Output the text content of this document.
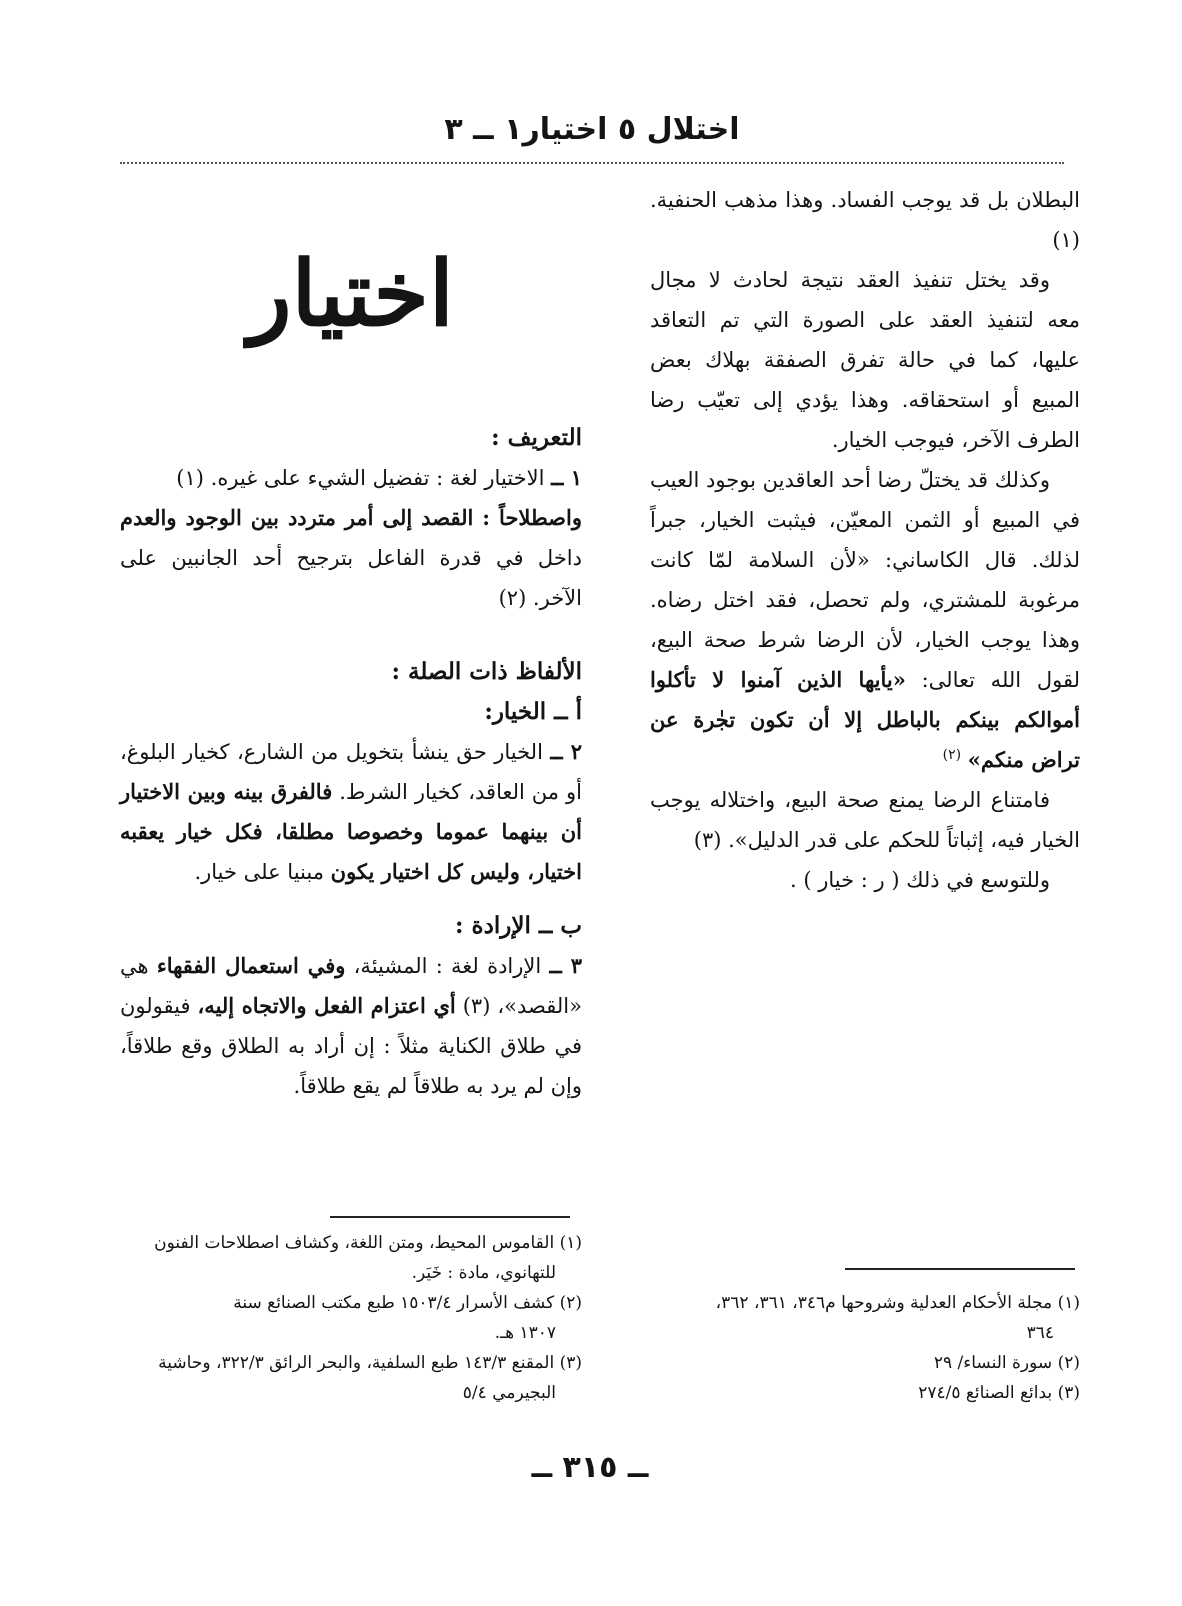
اختلال ٥ اختيار١ ــ ٣

البطلان بل قد يوجب الفساد. وهذا مذهب الحنفية. (١)

وقد يختل تنفيذ العقد نتيجة لحادث لا مجال معه لتنفيذ العقد على الصورة التي تم التعاقد عليها، كما في حالة تفرق الصفقة بهلاك بعض المبيع أو استحقاقه. وهذا يؤدي إلى تعيّب رضا الطرف الآخر، فيوجب الخيار.

وكذلك قد يختلّ رضا أحد العاقدين بوجود العيب في المبيع أو الثمن المعيّن، فيثبت الخيار، جبراً لذلك. قال الكاساني: «لأن السلامة لمّا كانت مرغوبة للمشتري، ولم تحصل، فقد اختل رضاه. وهذا يوجب الخيار، لأن الرضا شرط صحة البيع، لقول الله تعالى: «يأيها الذين آمنوا لا تأكلوا أموالكم بينكم بالباطل إلا أن تكون تجٰرة عن تراض منكم» $^{(٢)}$

فامتناع الرضا يمنع صحة البيع، واختلاله يوجب الخيار فيه، إثباتاً للحكم على قدر الدليل». (٣)

وللتوسع في ذلك ( ر : خيار ) .

اختيار
التعريف :

١ ــ الاختيار لغة : تفضيل الشيء على غيره. (١)

واصطلاحاً : القصد إلى أمر متردد بين الوجود والعدم داخل في قدرة الفاعل بترجيح أحد الجانبين على الآخر. (٢)

الألفاظ ذات الصلة :
أ ــ الخيار:

٢ ــ الخيار حق ينشأ بتخويل من الشارع، كخيار البلوغ، أو من العاقد، كخيار الشرط. فالفرق بينه وبين الاختيار أن بينهما عموما وخصوصا مطلقا، فكل خيار يعقبه اختيار، وليس كل اختيار يكون مبنيا على خيار.

ب ــ الإرادة :

٣ ــ الإرادة لغة : المشيئة، وفي استعمال الفقهاء هي «القصد»، (٣) أي اعتزام الفعل والاتجاه إليه، فيقولون في طلاق الكناية مثلاً : إن أراد به الطلاق وقع طلاقاً، وإن لم يرد به طلاقاً لم يقع طلاقاً.

(١) القاموس المحيط، ومتن اللغة، وكشاف اصطلاحات الفنون

للتهانوي، مادة : خَيَر.

(٢) كشف الأسرار ١٥٠٣/٤ طبع مكتب الصنائع سنة

١٣٠٧ هـ.

(٣) المقنع ١٤٣/٣ طبع السلفية، والبحر الرائق ٣٢٢/٣، وحاشية

البجيرمي ٥/٤

(١) مجلة الأحكام العدلية وشروحها م٣٤٦، ٣٦١، ٣٦٢،

٣٦٤

(٢) سورة النساء/ ٢٩

(٣) بدائع الصنائع ٢٧٤/٥

ــ ٣١٥ ــ
